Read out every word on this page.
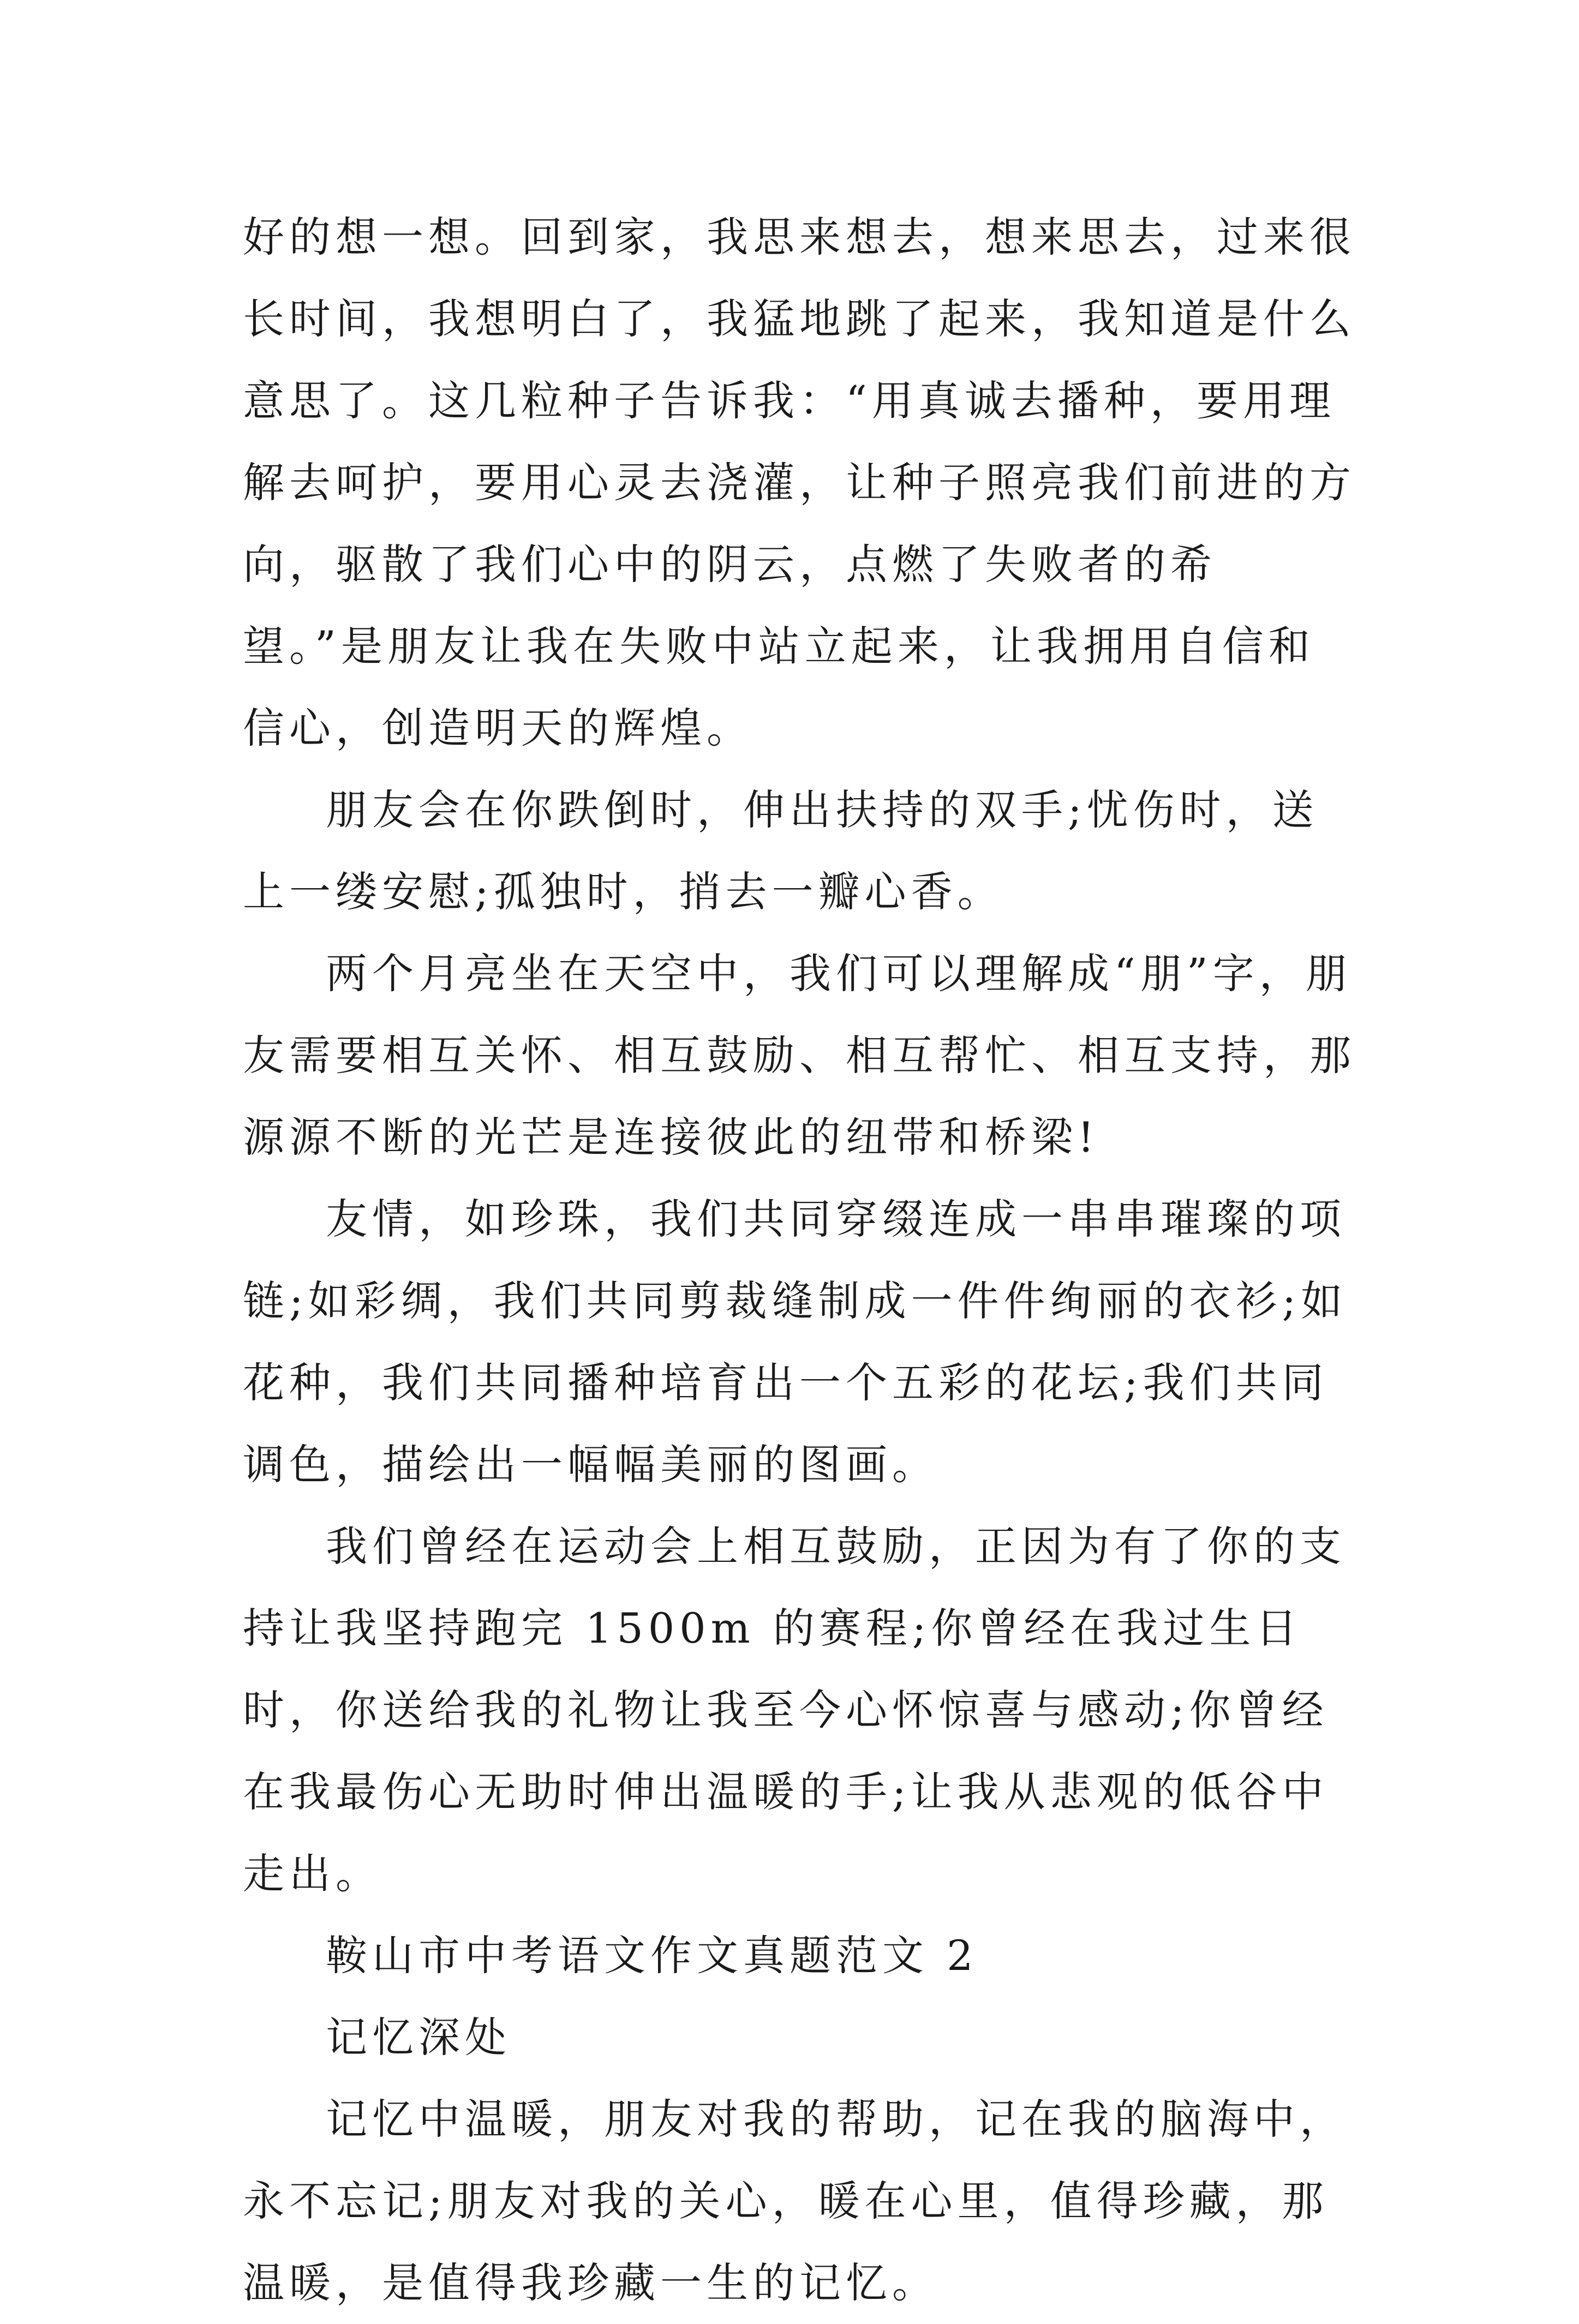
好的想一想。回到家，我思来想去，想来思去，过来很长时间，我想明白了，我猛地跳了起来，我知道是什么意思了。这几粒种子告诉我：“用真诚去播种，要用理解去呵护，要用心灵去浇灌，让种子照亮我们前进的方向，驱散了我们心中的阴云，点燃了失败者的希望。”是朋友让我在失败中站立起来，让我拥用自信和信心，创造明天的辉煌。

朋友会在你跌倒时，伸出扶持的双手;忧伤时，送上一缕安慰;孤独时，捎去一瓣心香。

两个月亮坐在天空中，我们可以理解成“朋”字，朋友需要相互关怀、相互鼓励、相互帮忙、相互支持，那源源不断的光芒是连接彼此的纽带和桥梁!

友情，如珍珠，我们共同穿缀连成一串串璀璨的项链;如彩绸，我们共同剪裁缝制成一件件绚丽的衣衫;如花种，我们共同播种培育出一个五彩的花坛;我们共同调色，描绘出一幅幅美丽的图画。

我们曾经在运动会上相互鼓励，正因为有了你的支持让我坚持跑完 1500m 的赛程;你曾经在我过生日时，你送给我的礼物让我至今心怀惊喜与感动;你曾经在我最伤心无助时伸出温暖的手;让我从悲观的低谷中走出。

鞍山市中考语文作文真题范文 2

记忆深处

记忆中温暖，朋友对我的帮助，记在我的脑海中，永不忘记;朋友对我的关心，暖在心里，值得珍藏，那温暖，是值得我珍藏一生的记忆。
